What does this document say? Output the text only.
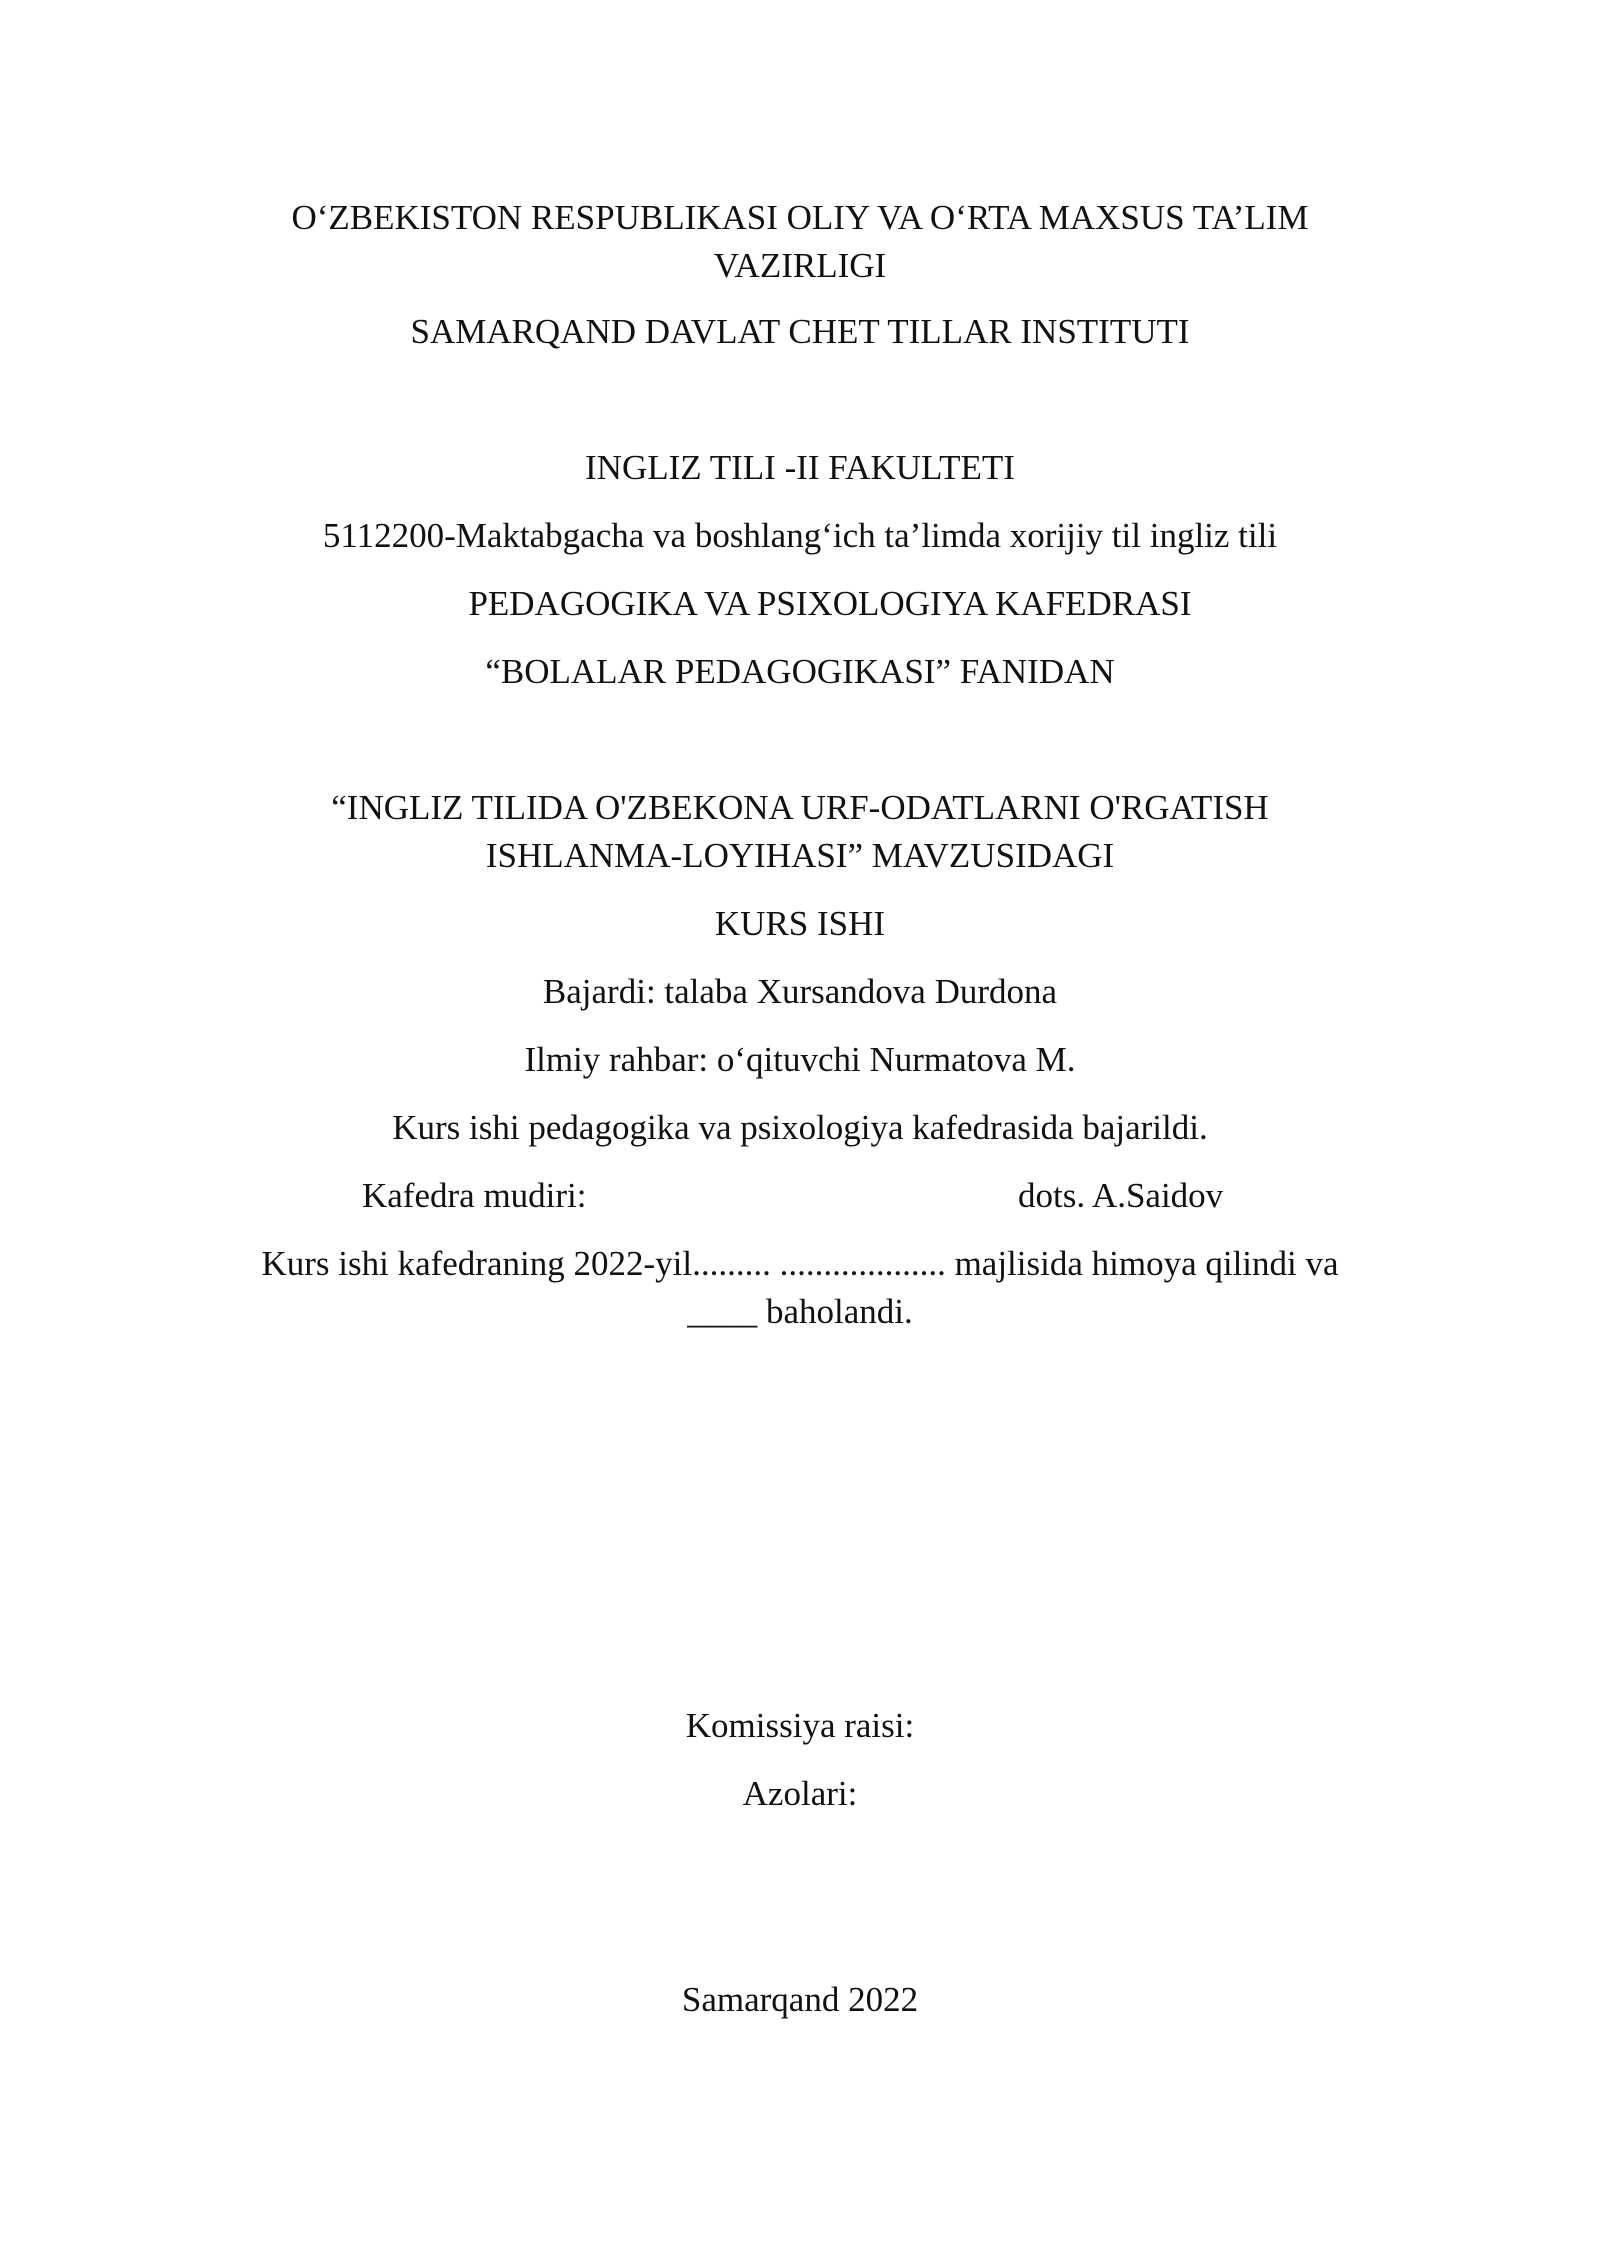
O‘ZBEKISTON RESPUBLIKASI OLIY VA O‘RTA MAXSUS TA’LIM
VAZIRLIGI
SAMARQAND DAVLAT CHET TILLAR INSTITUTI
INGLIZ TILI -II FAKULTETI
5112200-Maktabgacha va boshlang‘ich ta’limda xorijiy til ingliz tili
PEDAGOGIKA VA PSIXOLOGIYA KAFEDRASI
“BOLALAR PEDAGOGIKASI” FANIDAN
“INGLIZ TILIDA O'ZBEKONA URF-ODATLARNI O'RGATISH
ISHLANMA-LOYIHASI” MAVZUSIDAGI
KURS ISHI
Bajardi: talaba Xursandova Durdona
Ilmiy rahbar: o‘qituvchi Nurmatova M.
Kurs ishi pedagogika va psixologiya kafedrasida bajarildi.
Kafedra mudiri:	dots. A.Saidov
Kurs ishi kafedraning 2022-yil......... ................... majlisida himoya qilindi va
____ baholandi.
Komissiya raisi:
Azolari:
Samarqand 2022
